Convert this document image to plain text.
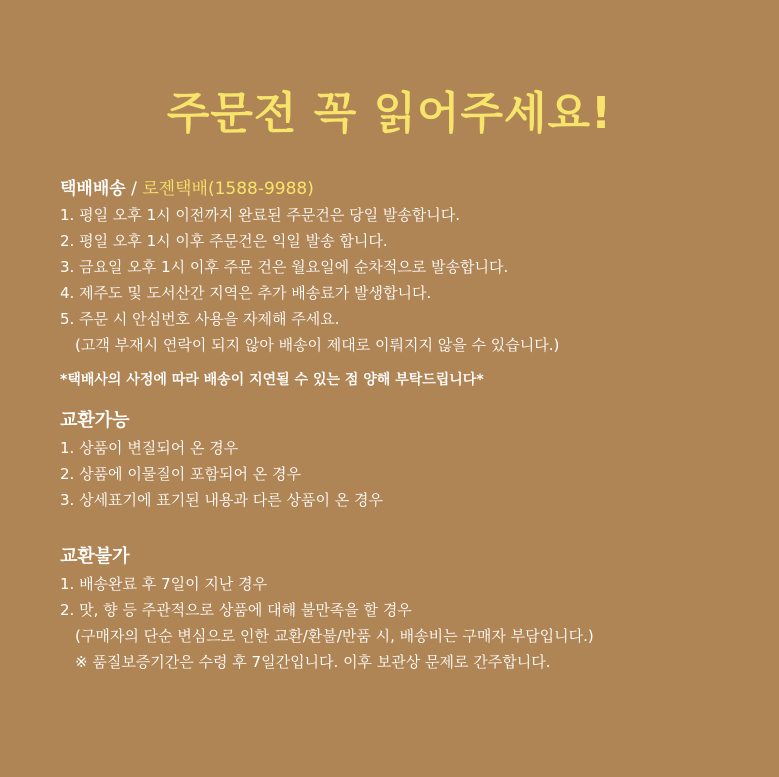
주문전 꼭 읽어주세요!
택배배송 / 로젠택배(1588-9988)
1. 평일 오후 1시 이전까지 완료된 주문건은 당일 발송합니다.
2. 평일 오후 1시 이후 주문건은 익일 발송 합니다.
3. 금요일 오후 1시 이후 주문 건은 월요일에 순차적으로 발송합니다.
4. 제주도 및 도서산간 지역은 추가 배송료가 발생합니다.
5. 주문 시 안심번호 사용을 자제해 주세요.
(고객 부재시 연락이 되지 않아 배송이 제대로 이뤄지지 않을 수 있습니다.)
*택배사의 사정에 따라 배송이 지연될 수 있는 점 양해 부탁드립니다*
교환가능
1. 상품이 변질되어 온 경우
2. 상품에 이물질이 포함되어 온 경우
3. 상세표기에 표기된 내용과 다른 상품이 온 경우
교환불가
1. 배송완료 후 7일이 지난 경우
2. 맛, 향 등 주관적으로 상품에 대해 불만족을 할 경우
(구매자의 단순 변심으로 인한 교환/환불/반품 시, 배송비는 구매자 부담입니다.)
※ 품질보증기간은 수령 후 7일간입니다. 이후 보관상 문제로 간주합니다.
